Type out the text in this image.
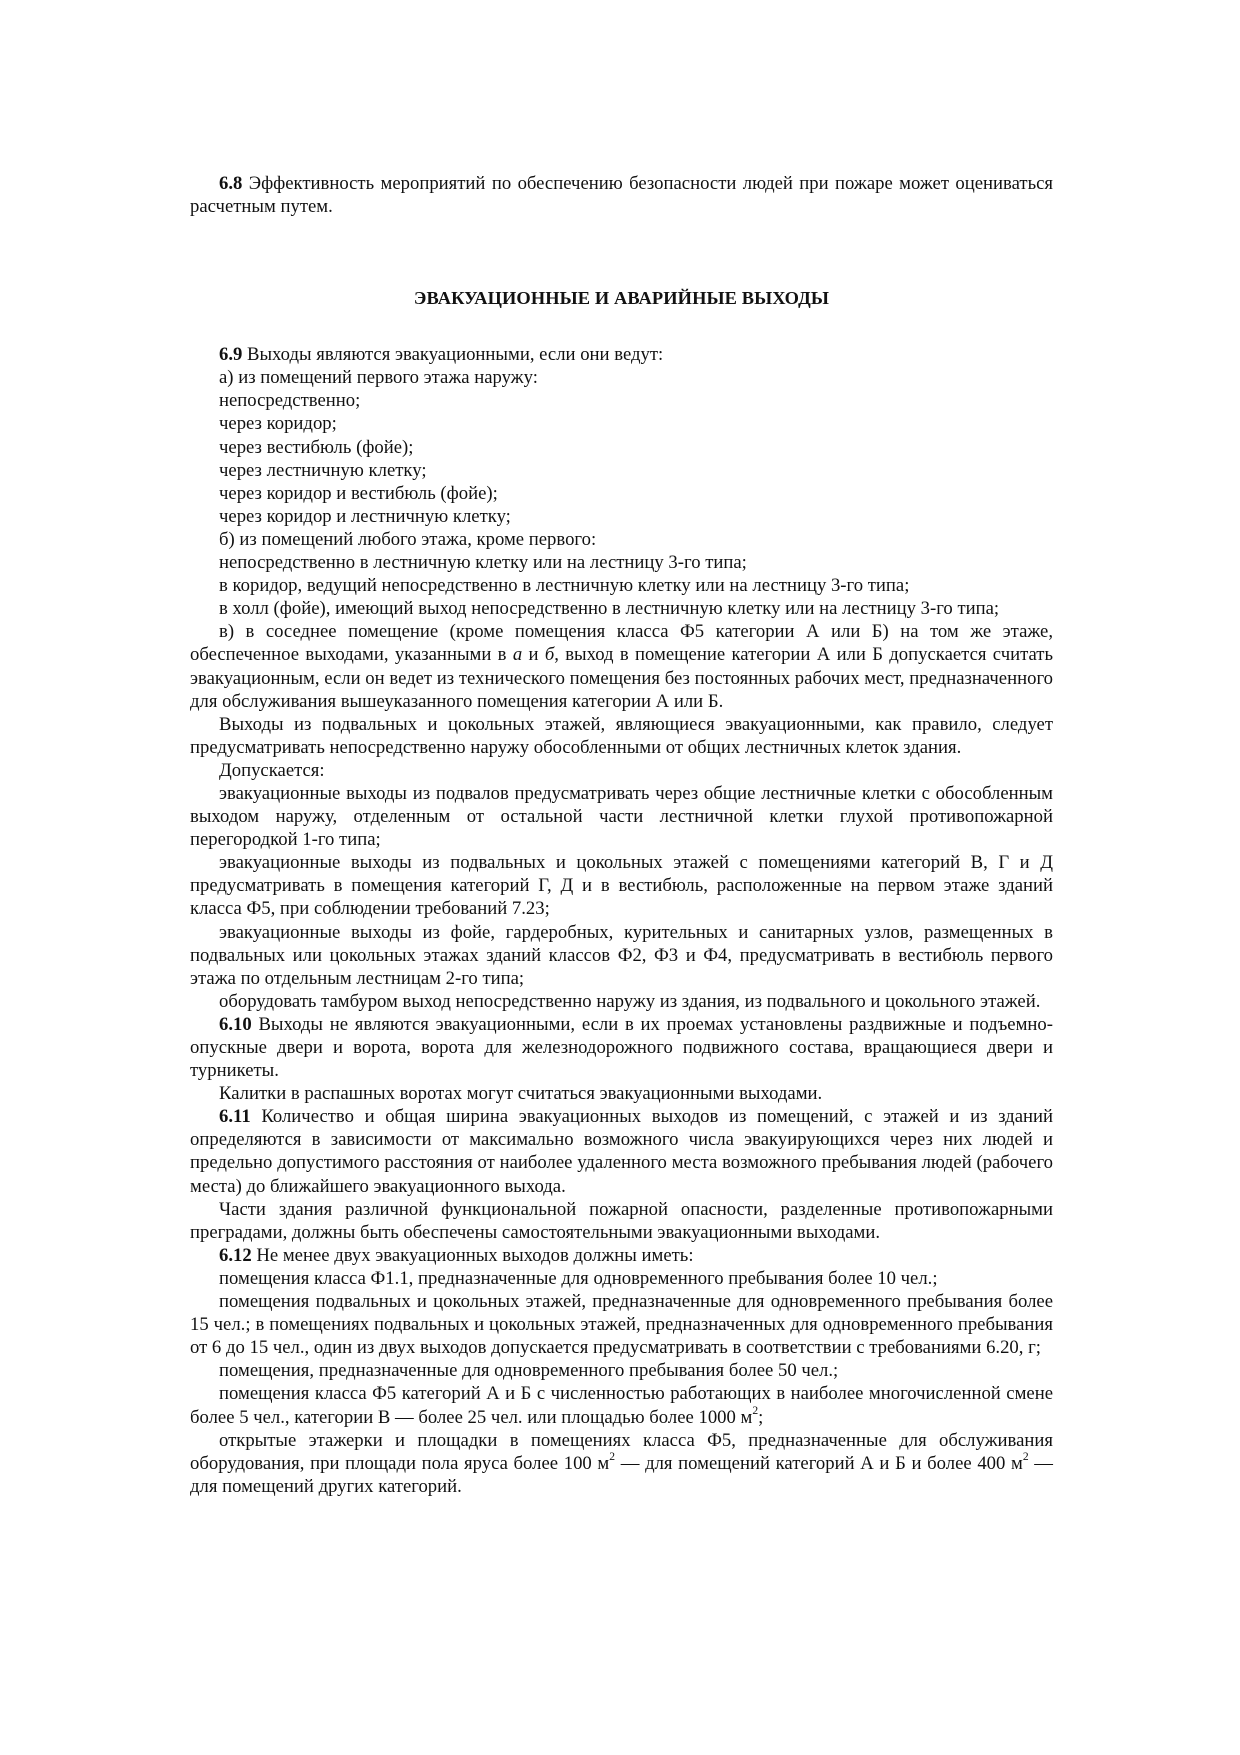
6.8 Эффективность мероприятий по обеспечению безопасности людей при пожаре может оцениваться расчетным путем.

ЭВАКУАЦИОННЫЕ И АВАРИЙНЫЕ ВЫХОДЫ

6.9 Выходы являются эвакуационными, если они ведут:

а) из помещений первого этажа наружу:

непосредственно;

через коридор;

через вестибюль (фойе);

через лестничную клетку;

через коридор и вестибюль (фойе);

через коридор и лестничную клетку;

б) из помещений любого этажа, кроме первого:

непосредственно в лестничную клетку или на лестницу 3-го типа;

в коридор, ведущий непосредственно в лестничную клетку или на лестницу 3-го типа;

в холл (фойе), имеющий выход непосредственно в лестничную клетку или на лестницу 3-го типа;

в) в соседнее помещение (кроме помещения класса Ф5 категории А или Б) на том же этаже, обеспеченное выходами, указанными в а и б, выход в помещение категории А или Б допускается считать эвакуационным, если он ведет из технического помещения без постоянных рабочих мест, предназначенного для обслуживания вышеуказанного помещения категории А или Б.

Выходы из подвальных и цокольных этажей, являющиеся эвакуационными, как правило, следует предусматривать непосредственно наружу обособленными от общих лестничных клеток здания.

Допускается:

эвакуационные выходы из подвалов предусматривать через общие лестничные клетки с обособленным выходом наружу, отделенным от остальной части лестничной клетки глухой противопожарной перегородкой 1-го типа;

эвакуационные выходы из подвальных и цокольных этажей с помещениями категорий В, Г и Д предусматривать в помещения категорий Г, Д и в вестибюль, расположенные на первом этаже зданий класса Ф5, при соблюдении требований 7.23;

эвакуационные выходы из фойе, гардеробных, курительных и санитарных узлов, размещенных в подвальных или цокольных этажах зданий классов Ф2, Ф3 и Ф4, предусматривать в вестибюль первого этажа по отдельным лестницам 2-го типа;

оборудовать тамбуром выход непосредственно наружу из здания, из подвального и цокольного этажей.

6.10 Выходы не являются эвакуационными, если в их проемах установлены раздвижные и подъемно-опускные двери и ворота, ворота для железнодорожного подвижного состава, вращающиеся двери и турникеты.

Калитки в распашных воротах могут считаться эвакуационными выходами.

6.11 Количество и общая ширина эвакуационных выходов из помещений, с этажей и из зданий определяются в зависимости от максимально возможного числа эвакуирующихся через них людей и предельно допустимого расстояния от наиболее удаленного места возможного пребывания людей (рабочего места) до ближайшего эвакуационного выхода.

Части здания различной функциональной пожарной опасности, разделенные противопожарными преградами, должны быть обеспечены самостоятельными эвакуационными выходами.

6.12 Не менее двух эвакуационных выходов должны иметь:

помещения класса Ф1.1, предназначенные для одновременного пребывания более 10 чел.;

помещения подвальных и цокольных этажей, предназначенные для одновременного пребывания более 15 чел.; в помещениях подвальных и цокольных этажей, предназначенных для одновременного пребывания от 6 до 15 чел., один из двух выходов допускается предусматривать в соответствии с требованиями 6.20, г;

помещения, предназначенные для одновременного пребывания более 50 чел.;

помещения класса Ф5 категорий А и Б с численностью работающих в наиболее многочисленной смене более 5 чел., категории В — более 25 чел. или площадью более 1000 $м^2$;

открытые этажерки и площадки в помещениях класса Ф5, предназначенные для обслуживания оборудования, при площади пола яруса более 100 $м^2$ — для помещений категорий А и Б и более 400 $м^2$ — для помещений других категорий.
